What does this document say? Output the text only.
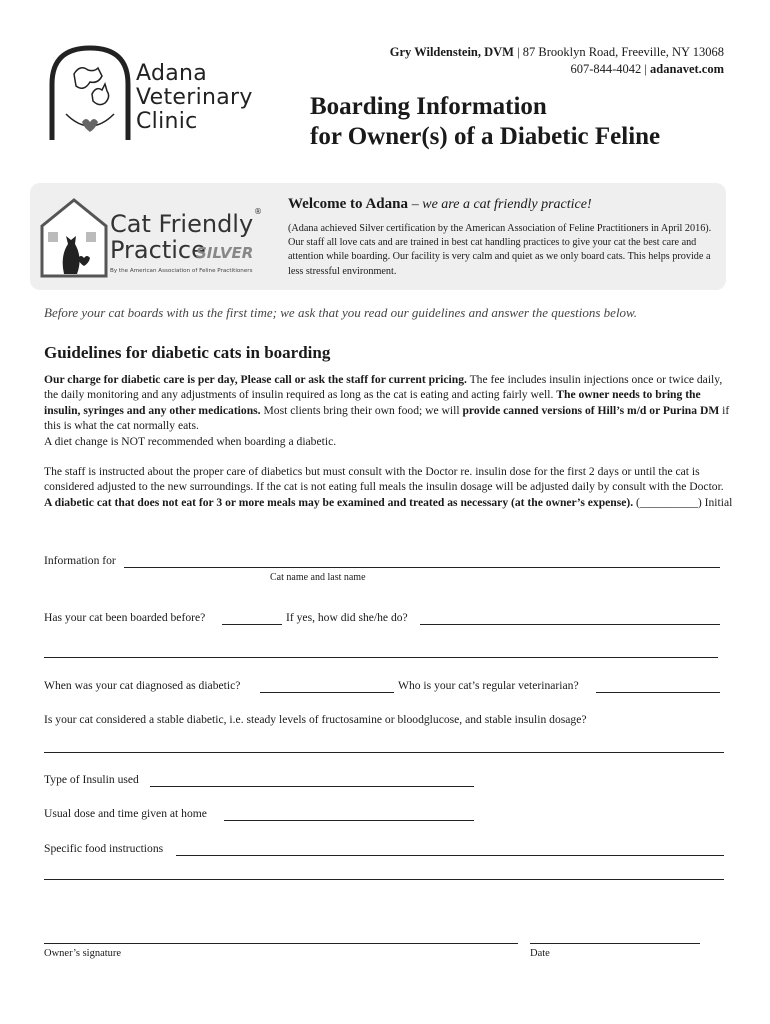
Gry Wildenstein, DVM | 87 Brooklyn Road, Freeville, NY 13068
607-844-4042 | adanavet.com
Adana
Veterinary
Clinic
Boarding Information
for Owner(s) of a Diabetic Feline
Cat Friendly ®
Practice
SILVER
By the American Association of Feline Practitioners
Welcome to Adana – we are a cat friendly practice!
(Adana achieved Silver certification by the American Association of Feline Practitioners in April 2016). Our staff all love cats and are trained in best cat handling practices to give your cat the best care and attention while boarding. Our facility is very calm and quiet as we only board cats. This helps provide a less stressful environment.
Before your cat boards with us the first time; we ask that you read our guidelines and answer the questions below.
Guidelines for diabetic cats in boarding
Our charge for diabetic care is per day, Please call or ask the staff for current pricing. The fee includes insulin injections once or twice daily, the daily monitoring and any adjustments of insulin required as long as the cat is eating and acting fairly well. The owner needs to bring the insulin, syringes and any other medications. Most clients bring their own food; we will provide canned versions of Hill’s m/d or Purina DM if this is what the cat normally eats.
A diet change is NOT recommended when boarding a diabetic.
The staff is instructed about the proper care of diabetics but must consult with the Doctor re. insulin dose for the first 2 days or until the cat is considered adjusted to the new surroundings. If the cat is not eating full meals the insulin dosage will be adjusted daily by consult with the Doctor. A diabetic cat that does not eat for 3 or more meals may be examined and treated as necessary (at the owner’s expense). (__________) Initial
Information for
Cat name and last name
Has your cat been boarded before?	If yes, how did she/he do?
When was your cat diagnosed as diabetic?	Who is your cat’s regular veterinarian?
Is your cat considered a stable diabetic, i.e. steady levels of fructosamine or bloodglucose, and stable insulin dosage?
Type of Insulin used
Usual dose and time given at home
Specific food instructions
Owner’s signature	Date
